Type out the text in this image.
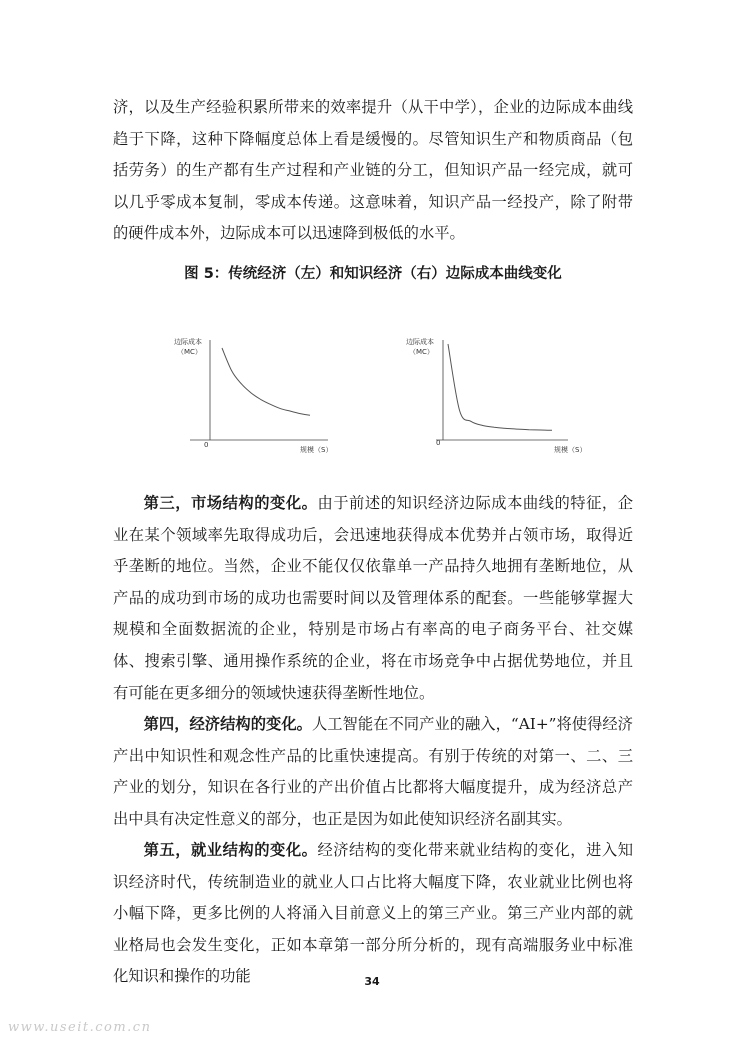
济，以及生产经验积累所带来的效率提升（从干中学），企业的边际成本曲线趋于下降，这种下降幅度总体上看是缓慢的。尽管知识生产和物质商品（包括劳务）的生产都有生产过程和产业链的分工，但知识产品一经完成，就可以几乎零成本复制，零成本传递。这意味着，知识产品一经投产，除了附带的硬件成本外，边际成本可以迅速降到极低的水平。

图 5：传统经济（左）和知识经济（右）边际成本曲线变化

边际成本
（MC）
0
规模（S）
边际成本
（MC）
0
规模（S）

第三，市场结构的变化。由于前述的知识经济边际成本曲线的特征，企业在某个领域率先取得成功后，会迅速地获得成本优势并占领市场，取得近乎垄断的地位。当然，企业不能仅仅依靠单一产品持久地拥有垄断地位，从产品的成功到市场的成功也需要时间以及管理体系的配套。一些能够掌握大规模和全面数据流的企业，特别是市场占有率高的电子商务平台、社交媒体、搜索引擎、通用操作系统的企业，将在市场竞争中占据优势地位，并且有可能在更多细分的领域快速获得垄断性地位。

第四，经济结构的变化。人工智能在不同产业的融入，“AI+”将使得经济产出中知识性和观念性产品的比重快速提高。有别于传统的对第一、二、三产业的划分，知识在各行业的产出价值占比都将大幅度提升，成为经济总产出中具有决定性意义的部分，也正是因为如此使知识经济名副其实。

第五，就业结构的变化。经济结构的变化带来就业结构的变化，进入知识经济时代，传统制造业的就业人口占比将大幅度下降，农业就业比例也将小幅下降，更多比例的人将涌入目前意义上的第三产业。第三产业内部的就业格局也会发生变化，正如本章第一部分所分析的，现有高端服务业中标准化知识和操作的功能	34
www.useit.com.cn
